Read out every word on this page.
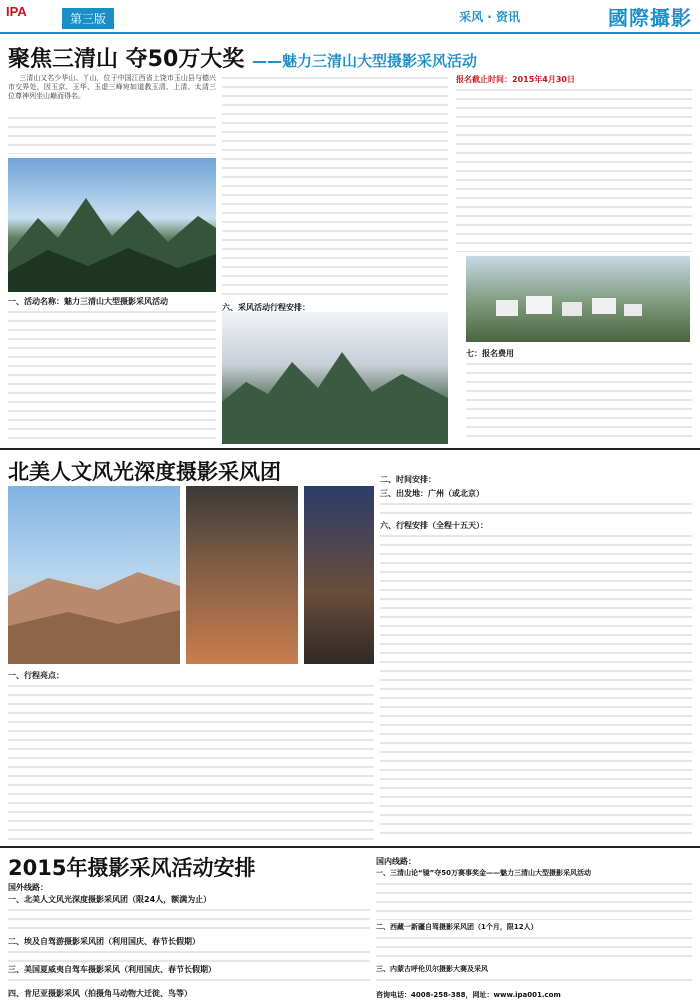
IPA	第三版	采风 · 资讯	國際攝影
聚焦三清山 夺50万大奖 ——魅力三清山大型摄影采风活动

三清山又名少华山、丫山，位于中国江西省上饶市玉山县与德兴市交界处，因玉京、玉华、玉虚三峰宛如道教玉清、上清、太清三位尊神列坐山巅而得名。

一、活动名称：魅力三清山大型摄影采风活动
六、采风活动行程安排：
报名截止时间：2015年4月30日
七：报名费用
北美人文风光深度摄影采风团
一、行程亮点：
二、时间安排：
三、出发地：广州（或北京）
六、行程安排（全程十五天）：
2015年摄影采风活动安排
国外线路：
一、北美人文风光深度摄影采风团（限24人，额满为止）
二、埃及自驾游摄影采风团（利用国庆、春节长假期）
三、美国夏威夷自驾车摄影采风（利用国庆、春节长假期）
四、肯尼亚摄影采风（拍摄角马动物大迁徙、鸟等）
国内线路：
一、三清山论“镜”夺50万赛事奖金——魅力三清山大型摄影采风活动
二、西藏一新疆自驾摄影采风团（1个月，限12人）
三、内蒙古呼伦贝尔摄影大赛及采风
咨询电话：4008-258-388，网址：www.ipa001.com
